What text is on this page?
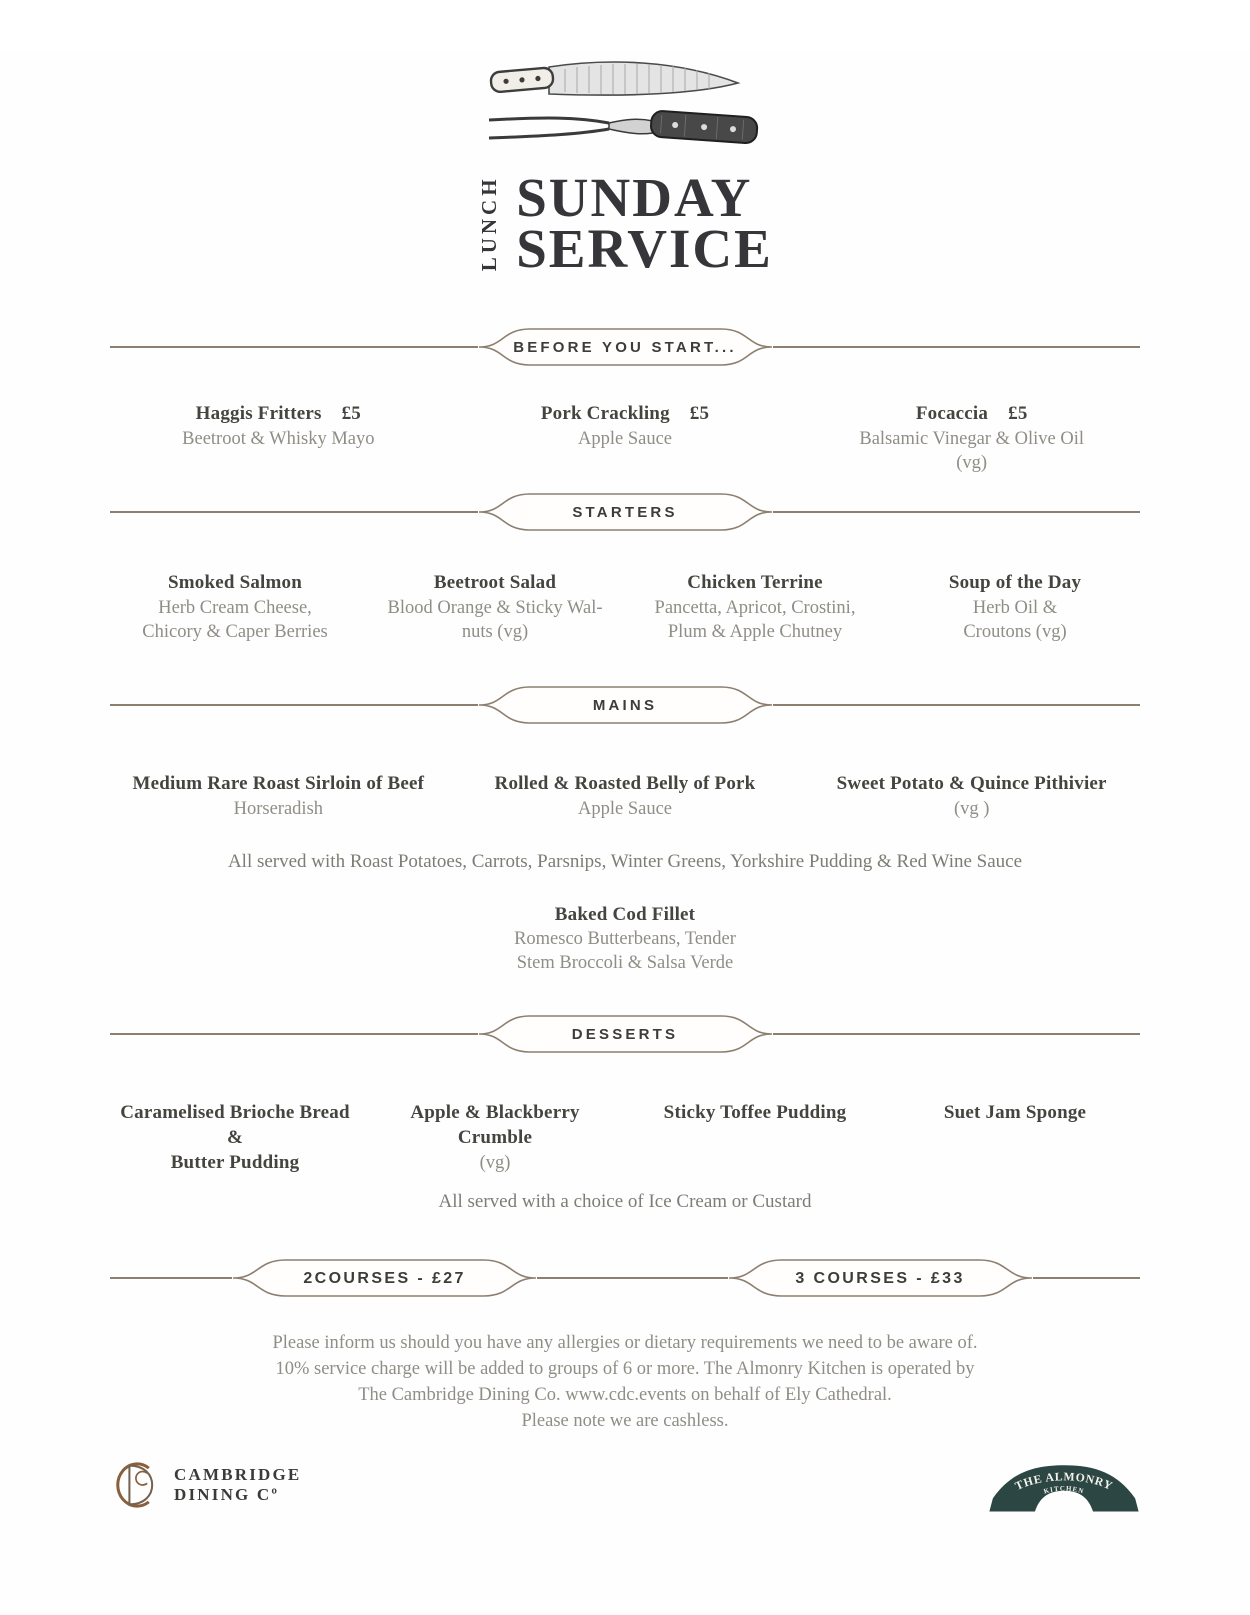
LUNCH SUNDAY
SERVICE
BEFORE YOU START...
Haggis Fritters £5
Beetroot & Whisky Mayo
Pork Crackling £5
Apple Sauce
Focaccia £5
Balsamic Vinegar & Olive Oil
(vg)
STARTERS
Smoked Salmon
Herb Cream Cheese,
Chicory & Caper Berries
Beetroot Salad
Blood Orange & Sticky Wal-
nuts (vg)
Chicken Terrine
Pancetta, Apricot, Crostini,
Plum & Apple Chutney
Soup of the Day
Herb Oil &
Croutons (vg)
MAINS
Medium Rare Roast Sirloin of Beef
Horseradish
Rolled & Roasted Belly of Pork
Apple Sauce
Sweet Potato & Quince Pithivier
(vg )
All served with Roast Potatoes, Carrots, Parsnips, Winter Greens, Yorkshire Pudding & Red Wine Sauce
Baked Cod Fillet
Romesco Butterbeans, Tender
Stem Broccoli & Salsa Verde
DESSERTS
Caramelised Brioche Bread &
Butter Pudding
Apple & Blackberry Crumble
(vg)
Sticky Toffee Pudding	Suet Jam Sponge
All served with a choice of Ice Cream or Custard
2COURSES - £27	3 COURSES - £33
Please inform us should you have any allergies or dietary requirements we need to be aware of.
10% service charge will be added to groups of 6 or more. The Almonry Kitchen is operated by
The Cambridge Dining Co. www.cdc.events on behalf of Ely Cathedral.
Please note we are cashless.
CAMBRIDGE
DINING Cº	THE ALMONRY
KITCHEN
